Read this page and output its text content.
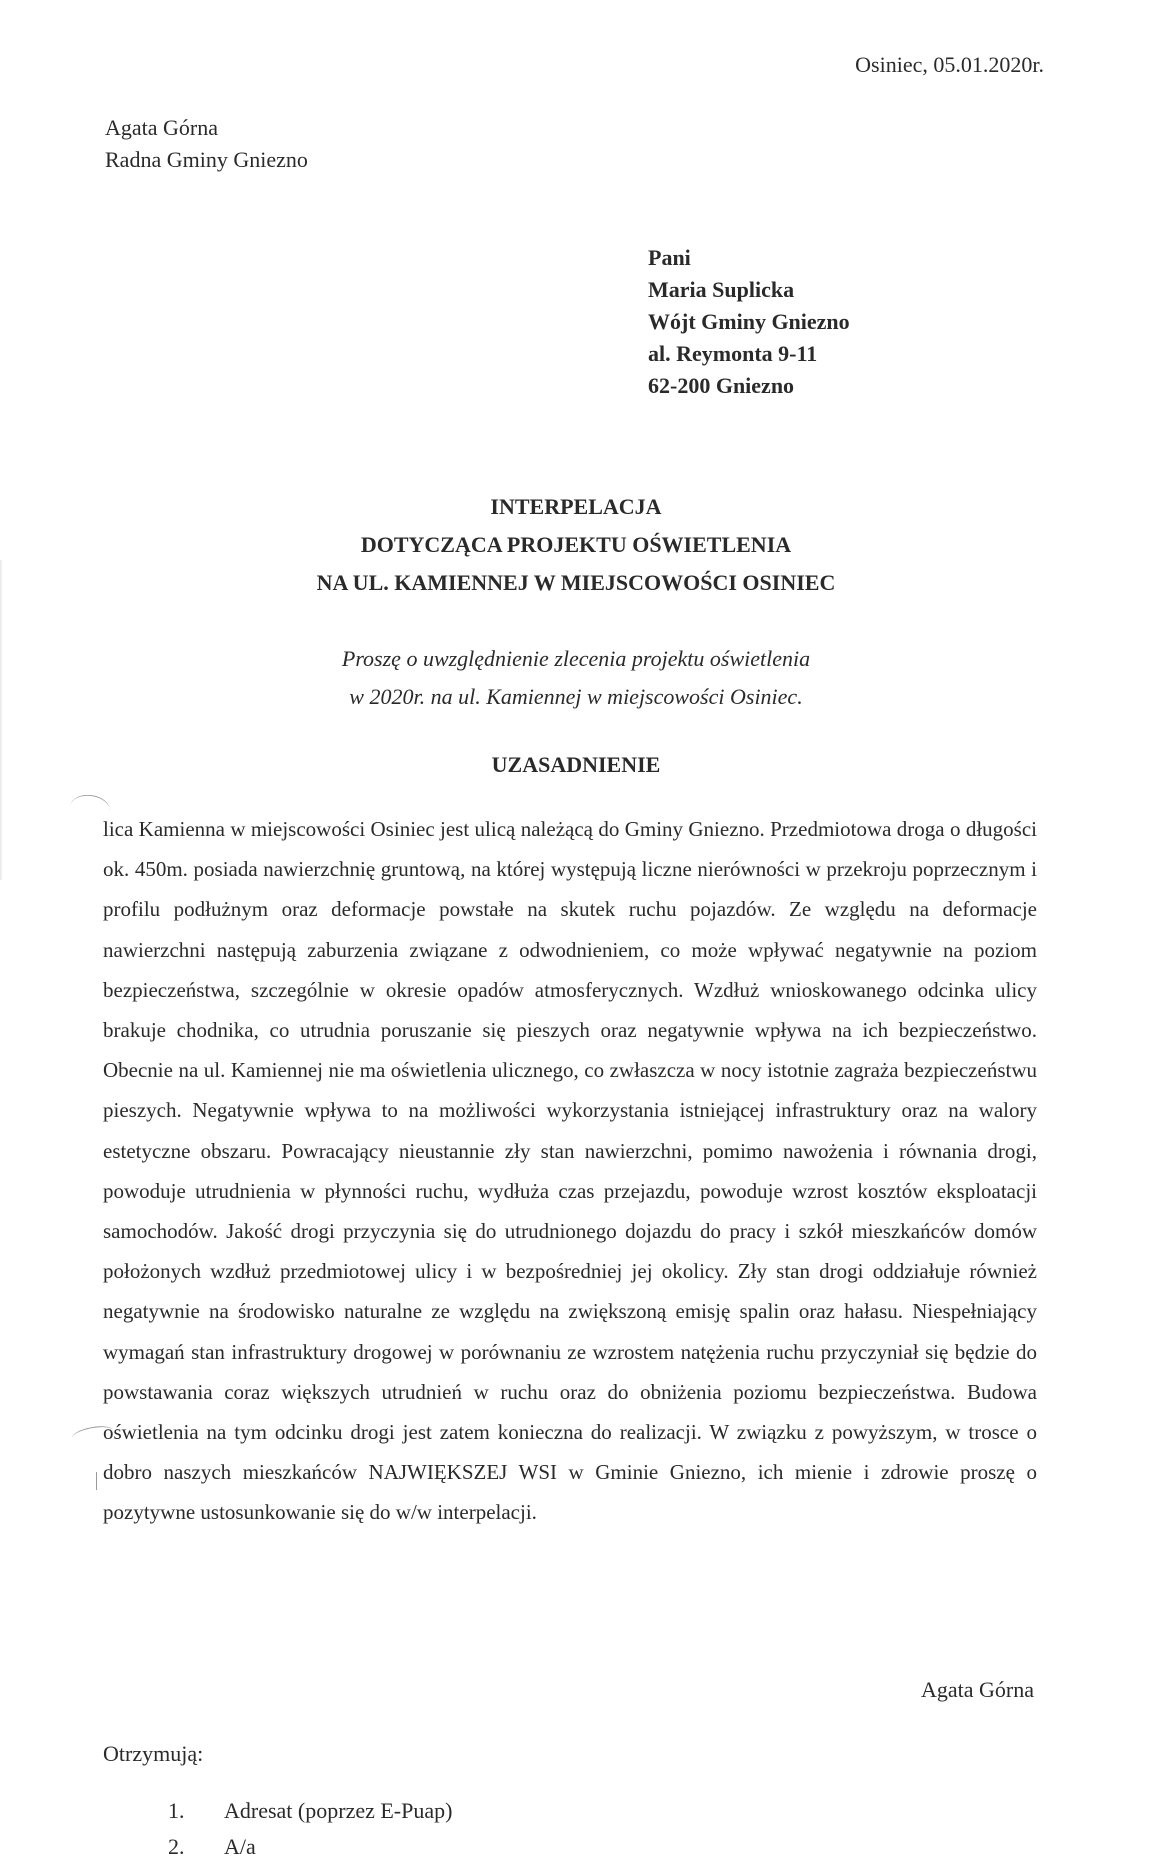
Osiniec, 05.01.2020r.
Agata Górna
Radna Gminy Gniezno
Pani
Maria Suplicka
Wójt Gminy Gniezno
al. Reymonta 9-11
62-200 Gniezno
INTERPELACJA
DOTYCZĄCA PROJEKTU OŚWIETLENIA
NA UL. KAMIENNEJ W MIEJSCOWOŚCI OSINIEC
Proszę o uwzględnienie zlecenia projektu oświetlenia
w 2020r. na ul. Kamiennej w miejscowości Osiniec.
UZASADNIENIE

lica Kamienna w miejscowości Osiniec jest ulicą należącą do Gminy Gniezno. Przedmiotowa droga o długości ok. 450m. posiada nawierzchnię gruntową, na której występują liczne nierówności w przekroju poprzecznym i profilu podłużnym oraz deformacje powstałe na skutek ruchu pojazdów. Ze względu na deformacje nawierzchni następują zaburzenia związane z odwodnieniem, co może wpływać negatywnie na poziom bezpieczeństwa, szczególnie w okresie opadów atmosferycznych. Wzdłuż wnioskowanego odcinka ulicy brakuje chodnika, co utrudnia poruszanie się pieszych oraz negatywnie wpływa na ich bezpieczeństwo. Obecnie na ul. Kamiennej nie ma oświetlenia ulicznego, co zwłaszcza w nocy istotnie zagraża bezpieczeństwu pieszych. Negatywnie wpływa to na możliwości wykorzystania istniejącej infrastruktury oraz na walory estetyczne obszaru. Powracający nieustannie zły stan nawierzchni, pomimo nawożenia i równania drogi, powoduje utrudnienia w płynności ruchu, wydłuża czas przejazdu, powoduje wzrost kosztów eksploatacji samochodów. Jakość drogi przyczynia się do utrudnionego dojazdu do pracy i szkół mieszkańców domów położonych wzdłuż przedmiotowej ulicy i w bezpośredniej jej okolicy. Zły stan drogi oddziałuje również negatywnie na środowisko naturalne ze względu na zwiększoną emisję spalin oraz hałasu. Niespełniający wymagań stan infrastruktury drogowej w porównaniu ze wzrostem natężenia ruchu przyczyniał się będzie do powstawania coraz większych utrudnień w ruchu oraz do obniżenia poziomu bezpieczeństwa. Budowa oświetlenia na tym odcinku drogi jest zatem konieczna do realizacji. W związku z powyższym, w trosce o dobro naszych mieszkańców NAJWIĘKSZEJ WSI w Gminie Gniezno, ich mienie i zdrowie proszę o pozytywne ustosunkowanie się do w/w interpelacji.

Agata Górna
Otrzymują:
1.	Adresat (poprzez E-Puap)
2.	A/a
